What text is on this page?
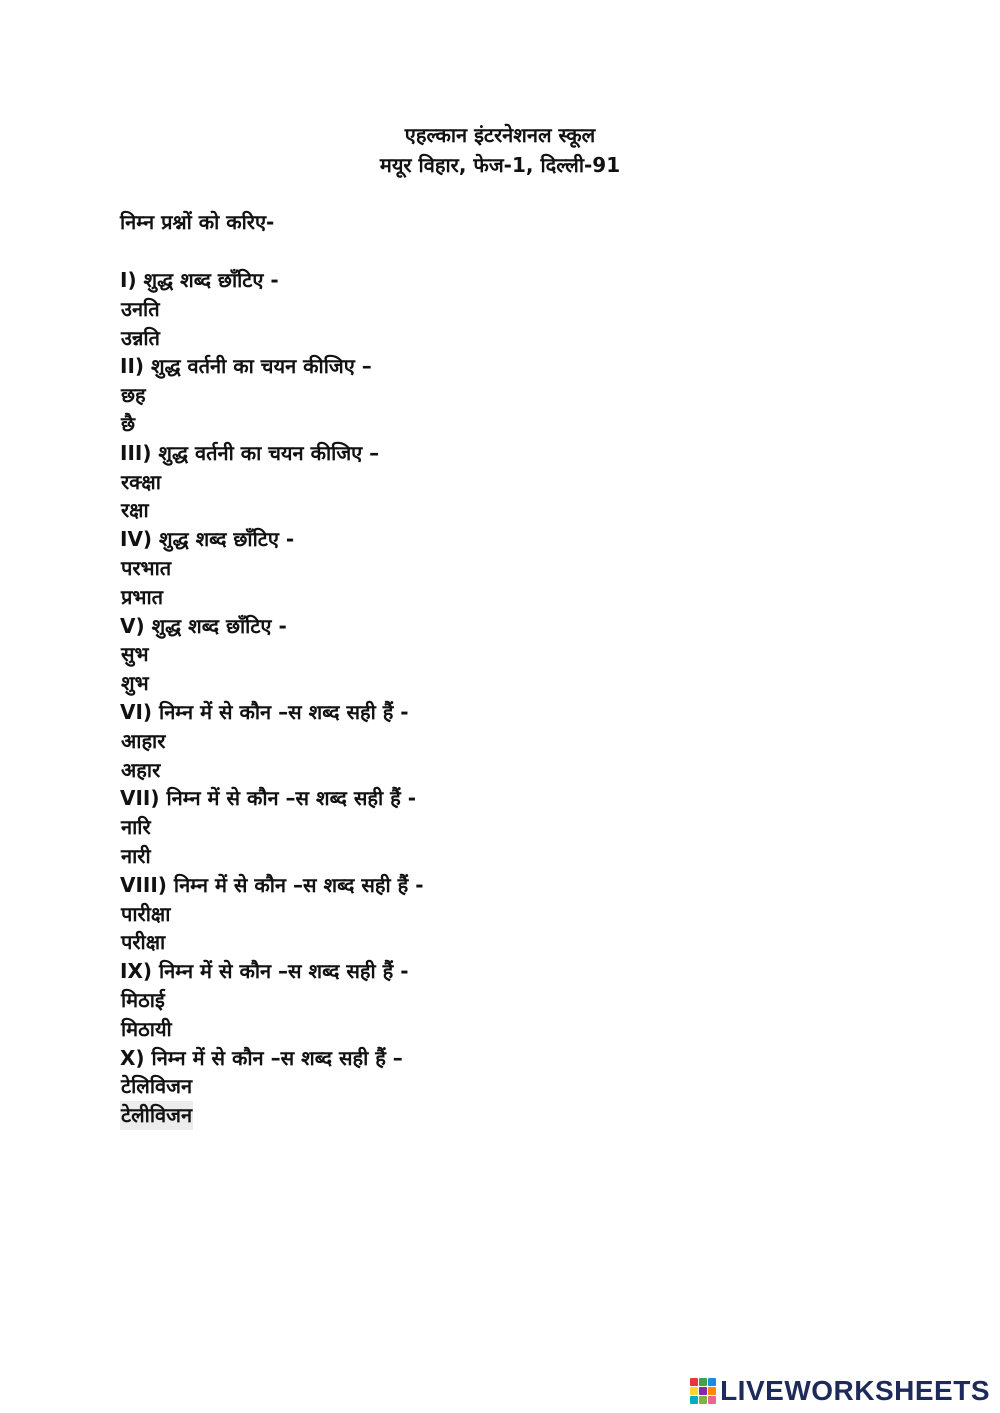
एहल्कान इंटरनेशनल स्कूल
मयूर विहार, फेज-1, दिल्ली-91
निम्न प्रश्नों को करिए-
I) शुद्ध शब्द छाँटिए -
उनति
उन्नति
II) शुद्ध वर्तनी का चयन कीजिए –
छह
छै
III) शुद्ध वर्तनी का चयन कीजिए –
रक्क्षा
रक्षा
IV) शुद्ध शब्द छाँटिए -
परभात
प्रभात
V) शुद्ध शब्द छाँटिए -
सुभ
शुभ
VI) निम्न में से कौन –स शब्द सही हैं -
आहार
अहार
VII) निम्न में से कौन –स शब्द सही हैं -
नारि
नारी
VIII) निम्न में से कौन –स शब्द सही हैं -
पारीक्षा
परीक्षा
IX) निम्न में से कौन –स शब्द सही हैं -
मिठाई
मिठायी
X) निम्न में से कौन –स शब्द सही हैं –
टेलिविजन
टेलीविजन
LIVEWORKSHEETS
